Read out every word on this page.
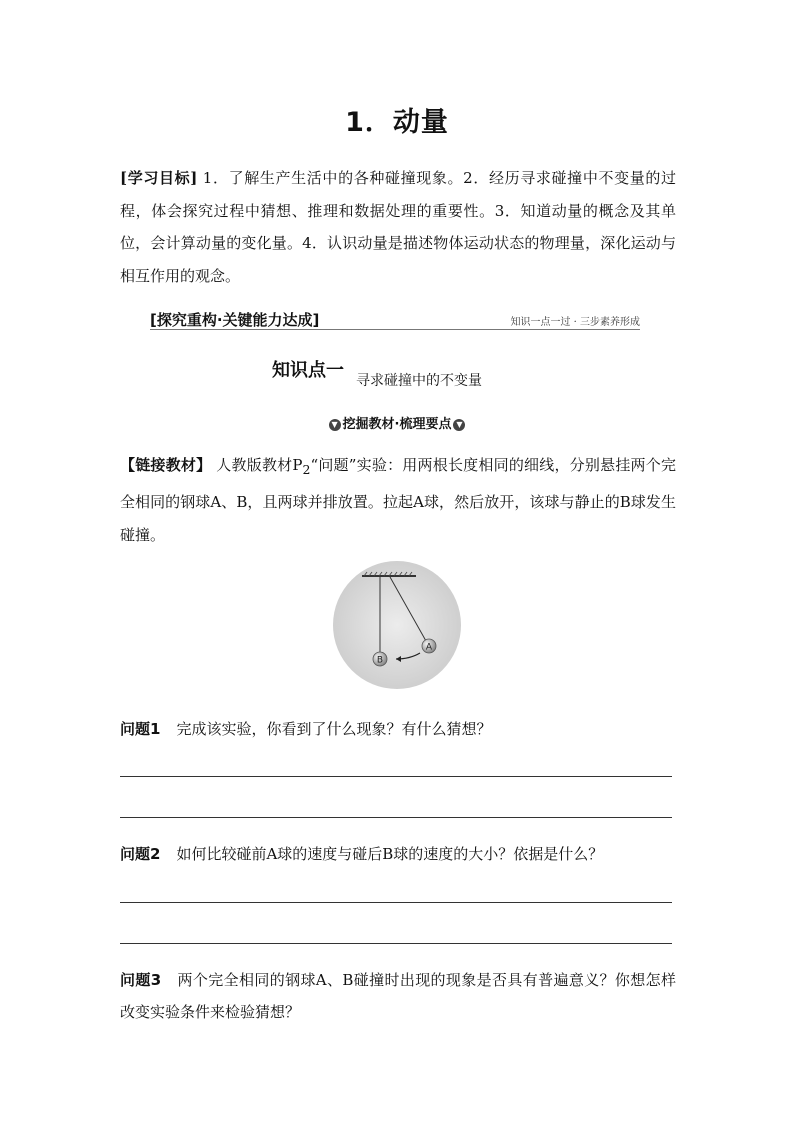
1．动量
[学习目标] 1．了解生产生活中的各种碰撞现象。2．经历寻求碰撞中不变量的过程，体会探究过程中猜想、推理和数据处理的重要性。3．知道动量的概念及其单位，会计算动量的变化量。4．认识动量是描述物体运动状态的物理量，深化运动与相互作用的观念。
[探究重构·关键能力达成]	知识一点一过 · 三步素养形成
知识点一 寻求碰撞中的不变量
▼ 挖掘教材·梳理要点 ▼
【链接教材】 人教版教材$P_2“$问题”实验：用两根长度相同的细线，分别悬挂两个完全相同的钢球A、B，且两球并排放置。拉起A球，然后放开，该球与静止的B球发生碰撞。
B
A
问题1 完成该实验，你看到了什么现象？有什么猜想？
问题2 如何比较碰前A球的速度与碰后B球的速度的大小？依据是什么？
问题3 两个完全相同的钢球A、B碰撞时出现的现象是否具有普遍意义？你想怎样改变实验条件来检验猜想？
